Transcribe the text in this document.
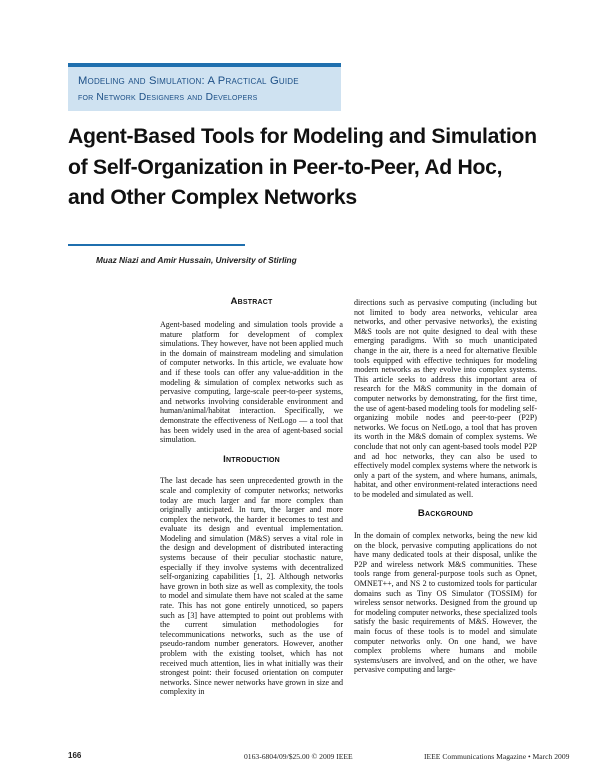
Modeling and Simulation: A Practical Guide
for Network Designers and Developers
Agent-Based Tools for Modeling and Simulation of Self-Organization in Peer-to-Peer, Ad Hoc, and Other Complex Networks
Muaz Niazi and Amir Hussain, University of Stirling
Abstract

Agent-based modeling and simulation tools provide a mature platform for development of complex simulations. They however, have not been applied much in the domain of mainstream modeling and simulation of computer networks. In this article, we evaluate how and if these tools can offer any value-addition in the modeling & simulation of complex networks such as pervasive computing, large-scale peer-to-peer systems, and networks involving considerable environment and human/animal/habitat interaction. Specifically, we demonstrate the effectiveness of NetLogo — a tool that has been widely used in the area of agent-based social simulation.

Introduction

The last decade has seen unprecedented growth in the scale and complexity of computer networks; networks today are much larger and far more complex than originally anticipated. In turn, the larger and more complex the network, the harder it becomes to test and evaluate its design and eventual implementation. Modeling and simulation (M&S) serves a vital role in the design and development of distributed interacting systems because of their peculiar stochastic nature, especially if they involve systems with decentralized self-organizing capabilities [1, 2]. Although networks have grown in both size as well as complexity, the tools to model and simulate them have not scaled at the same rate. This has not gone entirely unnoticed, so papers such as [3] have attempted to point out problems with the current simulation methodologies for telecommunications networks, such as the use of pseudo-random number generators. However, another problem with the existing toolset, which has not received much attention, lies in what initially was their strongest point: their focused orientation on computer networks. Since newer networks have grown in size and complexity in

directions such as pervasive computing (including but not limited to body area networks, vehicular area networks, and other pervasive networks), the existing M&S tools are not quite designed to deal with these emerging paradigms. With so much unanticipated change in the air, there is a need for alternative flexible tools equipped with effective techniques for modeling modern networks as they evolve into complex systems. This article seeks to address this important area of research for the M&S community in the domain of computer networks by demonstrating, for the first time, the use of agent-based modeling tools for modeling self-organizing mobile nodes and peer-to-peer (P2P) networks. We focus on NetLogo, a tool that has proven its worth in the M&S domain of complex systems. We conclude that not only can agent-based tools model P2P and ad hoc networks, they can also be used to effectively model complex systems where the network is only a part of the system, and where humans, animals, habitat, and other environment-related interactions need to be modeled and simulated as well.

Background

In the domain of complex networks, being the new kid on the block, pervasive computing applications do not have many dedicated tools at their disposal, unlike the P2P and wireless network M&S communities. These tools range from general-purpose tools such as Opnet, OMNET++, and NS 2 to customized tools for particular domains such as Tiny OS Simulator (TOSSIM) for wireless sensor networks. Designed from the ground up for modeling computer networks, these specialized tools satisfy the basic requirements of M&S. However, the main focus of these tools is to model and simulate computer networks only. On one hand, we have complex problems where humans and mobile systems/users are involved, and on the other, we have pervasive computing and large-

166	0163-6804/09/$25.00 © 2009 IEEE	IEEE Communications Magazine • March 2009
